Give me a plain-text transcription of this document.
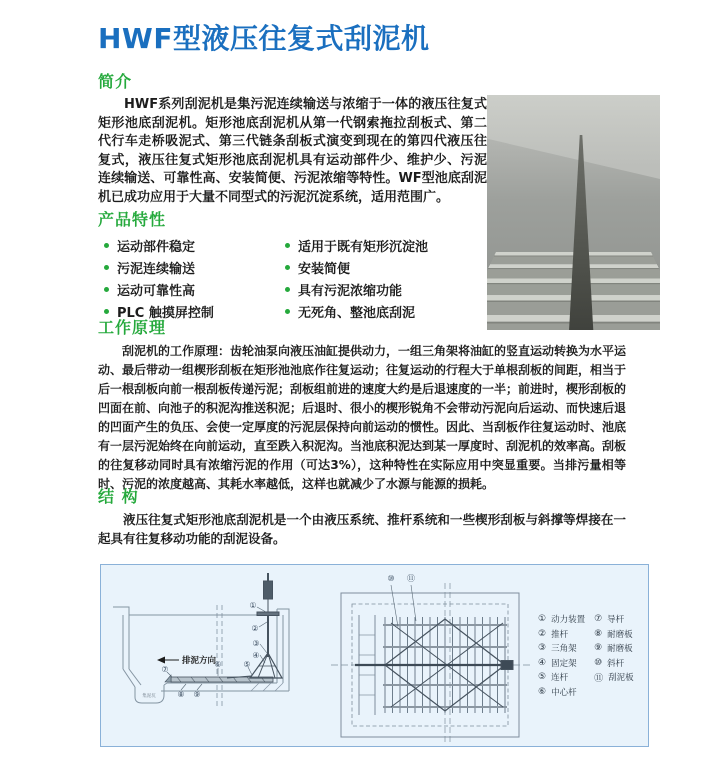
HWF型液压往复式刮泥机
简介

HWF系列刮泥机是集污泥连续输送与浓缩于一体的液压往复式矩形池底刮泥机。矩形池底刮泥机从第一代钢索拖拉刮板式、第二代行车走桥吸泥式、第三代链条刮板式演变到现在的第四代液压往复式，液压往复式矩形池底刮泥机具有运动部件少、维护少、污泥连续输送、可靠性高、安装简便、污泥浓缩等特性。WF型池底刮泥机已成功应用于大量不同型式的污泥沉淀系统，适用范围广。

产品特性
运动部件稳定
污泥连续输送
运动可靠性高
PLC 触摸屏控制
适用于既有矩形沉淀池
安装简便
具有污泥浓缩功能
无死角、整池底刮泥
工作原理

刮泥机的工作原理：齿轮油泵向液压油缸提供动力，一组三角架将油缸的竖直运动转换为水平运动、最后带动一组楔形刮板在矩形池池底作往复运动；往复运动的行程大于单根刮板的间距，相当于后一根刮板向前一根刮板传递污泥；刮板组前进的速度大约是后退速度的一半；前进时，楔形刮板的凹面在前、向池子的积泥沟推送积泥；后退时、很小的楔形锐角不会带动污泥向后运动、而快速后退的凹面产生的负压、会使一定厚度的污泥层保持向前运动的惯性。因此、当刮板作往复运动时、池底有一层污泥始终在向前运动，直至跌入积泥沟。当池底积泥达到某一厚度时、刮泥机的效率高。刮板的往复移动同时具有浓缩污泥的作用（可达3%），这种特性在实际应用中突显重要。当排污量相等时、污泥的浓度越高、其耗水率越低，这样也就减少了水源与能源的损耗。

结 构

液压往复式矩形池底刮泥机是一个由液压系统、推杆系统和一些楔形刮板与斜撑等焊接在一起具有往复移动功能的刮泥设备。

①
②
③
④
⑤
⑥
⑦
⑧ ⑨
排泥方向
集泥坑
⑩ ⑪
① 动力装置
② 推杆
③ 三角架
④ 固定架
⑤ 连杆
⑥ 中心杆
⑦ 导杆
⑧ 耐磨板
⑨ 耐磨板
⑩ 斜杆
⑪ 刮泥板
